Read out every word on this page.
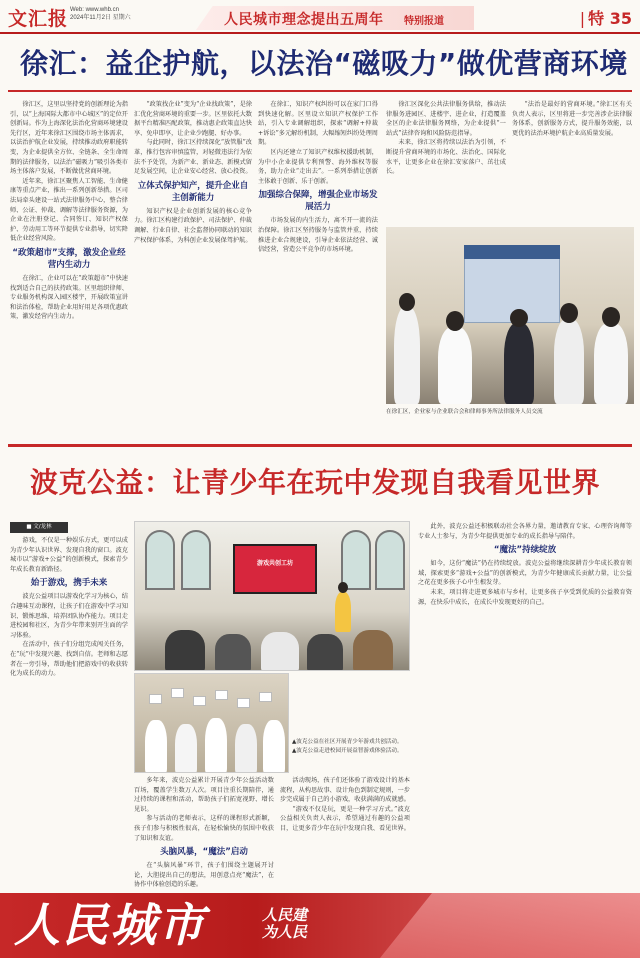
文汇报 Web: www.whb.cn
2024年11月2日 星期六	人民城市理念提出五周年 特别报道	| 特 35
徐汇：益企护航，以法治“磁吸力”做优营商环境

徐汇区，这里以坚持党的创新理论为指引，以“上海国际大都市中心城区”的定位开创新局。作为上海深化法治化营商环境建设先行区，近年来徐汇区围绕市场主体需求，以法治护航企业发展，持续推动政府职能转变，为企业提供全方位、全链条、全生命周期的法律服务，以法治“磁吸力”吸引各类市场主体落户发展，不断做优营商环境。

近年来，徐汇区聚焦人工智能、生命健康等重点产业，推出一系列创新举措。区司法局牵头建设一站式法律服务中心，整合律师、公证、仲裁、调解等法律服务资源，为企业在注册登记、合同签订、知识产权保护、劳动用工等环节提供专业指导，切实降低企业经营风险。

“政策超市”支撑，激发企业经营内生动力

在徐汇，企业可以在“政策超市”中快速找到适合自己的扶持政策。区里组织律师、专业服务机构深入园区楼宇，开展政策宣讲和法治体检，帮助企业用好用足各项优惠政策，激发经营内生动力。

“政策找企业”变为“企业找政策”，是徐汇优化营商环境的重要一步。区里依托大数据平台精准匹配政策，推动惠企政策直达快享、免申即享，让企业少跑腿、好办事。

与此同时，徐汇区持续深化“放管服”改革，推行包容审慎监管，对轻微违法行为依法不予处罚，为新产业、新业态、新模式留足发展空间，让企业安心经营、放心投资。

立体式保护知产，提升企业自主创新能力

知识产权是企业创新发展的核心竞争力。徐汇区构建行政保护、司法保护、仲裁调解、行业自律、社会监督协同联动的知识产权保护体系，为科创企业发展保驾护航。

在徐汇，知识产权纠纷可以在家门口得到快速化解。区里设立知识产权保护工作站，引入专业调解组织，探索“调解+仲裁+诉讼”多元解纷机制，大幅缩短纠纷处理周期。

区内还建立了知识产权维权援助机制，为中小企业提供专利预警、海外维权等服务，助力企业“走出去”。一系列举措让创新主体敢于创新、乐于创新。

加强综合保障，增强企业市场发展活力

市场发展的内生活力，离不开一流的法治保障。徐汇区坚持服务与监管并重，持续推进企业合规建设，引导企业依法经营、诚信经营，营造公平竞争的市场环境。

徐汇区深化公共法律服务供给，推动法律服务进园区、进楼宇、进企业，打造覆盖全区的企业法律服务网络，为企业提供“一站式”法律咨询和风险防范指导。

未来，徐汇区将持续以法治为引领，不断提升营商环境的市场化、法治化、国际化水平，让更多企业在徐汇安家落户、茁壮成长。

“法治是最好的营商环境。”徐汇区有关负责人表示，区里将进一步完善涉企法律服务体系，创新服务方式，提升服务效能，以更优的法治环境护航企业高质量发展。

在徐汇区，企业家与企业联合会和律师事务所法律服务人员交流
波克公益：让青少年在玩中发现自我看见世界
■ 文/龙林

游戏，不仅是一种娱乐方式，更可以成为青少年认识世界、发现自我的窗口。波克城市以“游戏+公益”的创新模式，探索青少年成长教育新路径。

始于游戏，携手未来

波克公益项目以游戏化学习为核心，结合趣味互动课程，让孩子们在游戏中学习知识、锻炼思维、培养团队协作能力。项目走进校园和社区，为青少年带来别开生面的学习体验。

在活动中，孩子们分组完成闯关任务，在“玩”中发现兴趣、找到自信。老师和志愿者在一旁引导，帮助他们把游戏中的收获转化为成长的动力。

多年来，波克公益累计开展青少年公益活动数百场，覆盖学生数万人次。项目注重长期陪伴，通过持续的课程和活动，帮助孩子们拓宽视野、增长见识。

参与活动的老师表示，这样的课程形式新颖，孩子们参与积极性很高，在轻松愉快的氛围中收获了知识和友谊。

头脑风暴，“魔法”启动

在“头脑风暴”环节，孩子们围绕主题展开讨论，大胆提出自己的想法，用创意点亮“魔法”，在协作中体验创造的乐趣。

活动现场，孩子们还体验了游戏设计的基本流程，从构思故事、设计角色到制定规则，一步步完成属于自己的小游戏，收获满满的成就感。

“游戏不仅是玩，更是一种学习方式。”波克公益相关负责人表示，希望通过有趣的公益项目，让更多青少年在玩中发现自我、看见世界。

此外，波克公益还积极联动社会各界力量，邀请教育专家、心理咨询师等专业人士参与，为青少年提供更加专业的成长指导与陪伴。

“魔法”持续绽放

如今，这份“魔法”仍在持续绽放。波克公益将继续深耕青少年成长教育领域，探索更多“游戏+公益”的创新模式，为青少年健康成长贡献力量，让公益之花在更多孩子心中生根发芽。

未来，项目将走进更多城市与乡村，让更多孩子享受到优质的公益教育资源，在快乐中成长，在成长中发现更好的自己。

游戏共创工坊
▲波克公益在社区开展青少年游戏共创活动。
▲波克公益走进校园开展益智游戏体验活动。
人民城市	人民建
为人民
